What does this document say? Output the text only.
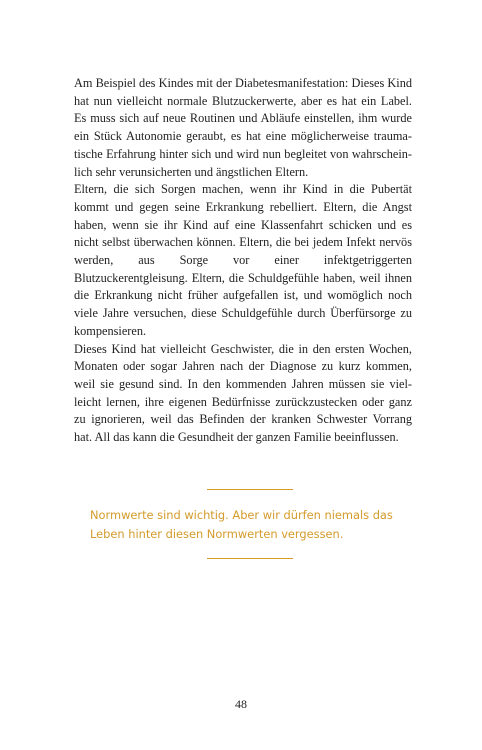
Am Beispiel des Kindes mit der Diabetesmanifestation: Dieses Kind hat nun vielleicht normale Blutzuckerwerte, aber es hat ein Label. Es muss sich auf neue Routinen und Abläufe einstellen, ihm wurde ein Stück Autonomie geraubt, es hat eine möglicherweise traumatische Erfahrung hinter sich und wird nun begleitet von wahrscheinlich sehr verunsicherten und ängstlichen Eltern.

Eltern, die sich Sorgen machen, wenn ihr Kind in die Pubertät kommt und gegen seine Erkrankung rebelliert. Eltern, die Angst haben, wenn sie ihr Kind auf eine Klassenfahrt schicken und es nicht selbst überwachen können. Eltern, die bei jedem Infekt nervös werden, aus Sorge vor einer infektgetriggerten Blutzuckerentgleisung. Eltern, die Schuldgefühle haben, weil ihnen die Erkrankung nicht früher aufgefallen ist, und womöglich noch viele Jahre versuchen, diese Schuldgefühle durch Überfürsorge zu kompensieren.

Dieses Kind hat vielleicht Geschwister, die in den ersten Wochen, Monaten oder sogar Jahren nach der Diagnose zu kurz kommen, weil sie gesund sind. In den kommenden Jahren müssen sie vielleicht lernen, ihre eigenen Bedürfnisse zurückzustecken oder ganz zu ignorieren, weil das Befinden der kranken Schwester Vorrang hat. All das kann die Gesundheit der ganzen Familie beeinflussen.

Normwerte sind wichtig. Aber wir dürfen niemals das Leben hinter diesen Normwerten vergessen.

48
